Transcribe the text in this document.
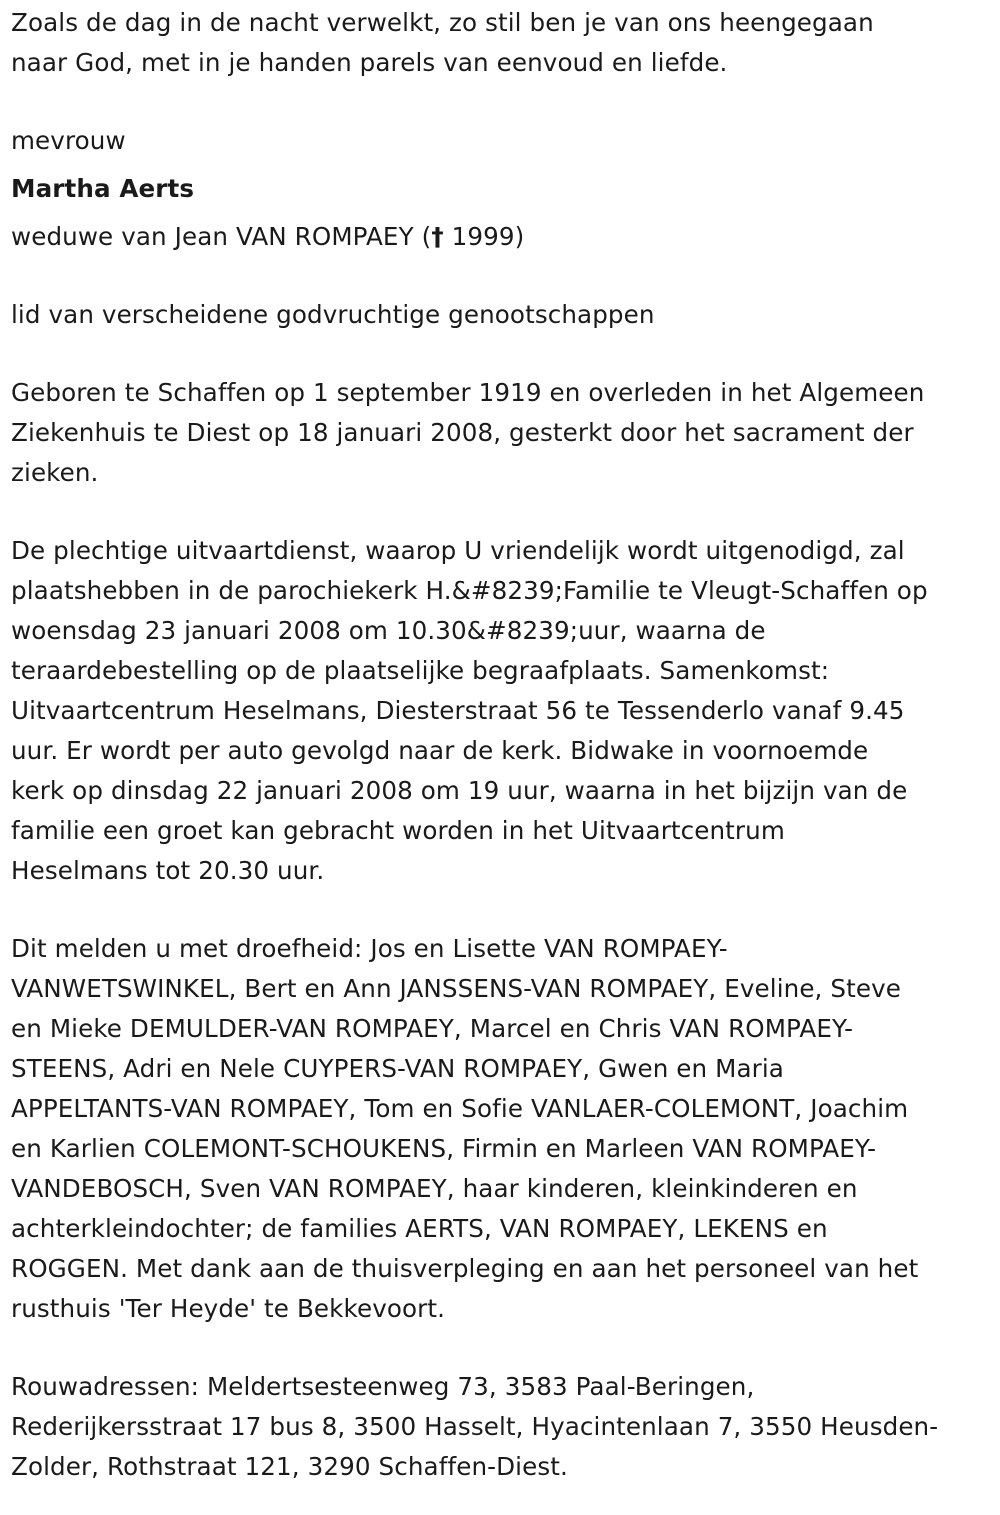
Zoals de dag in de nacht verwelkt, zo stil ben je van ons heengegaan

naar God, met in je handen parels van eenvoud en liefde.

mevrouw

Martha Aerts

weduwe van Jean VAN ROMPAEY († 1999)

lid van verscheidene godvruchtige genootschappen

Geboren te Schaffen op 1 september 1919 en overleden in het Algemeen

Ziekenhuis te Diest op 18 januari 2008, gesterkt door het sacrament der

zieken.

De plechtige uitvaartdienst, waarop U vriendelijk wordt uitgenodigd, zal

plaatshebben in de parochiekerk H.&#8239;Familie te Vleugt-Schaffen op

woensdag 23 januari 2008 om 10.30&#8239;uur, waarna de

teraardebestelling op de plaatselijke begraafplaats. Samenkomst:

Uitvaartcentrum Heselmans, Diesterstraat 56 te Tessenderlo vanaf 9.45

uur. Er wordt per auto gevolgd naar de kerk. Bidwake in voornoemde

kerk op dinsdag 22 januari 2008 om 19 uur, waarna in het bijzijn van de

familie een groet kan gebracht worden in het Uitvaartcentrum

Heselmans tot 20.30 uur.

Dit melden u met droefheid: Jos en Lisette VAN ROMPAEY-

VANWETSWINKEL, Bert en Ann JANSSENS-VAN ROMPAEY, Eveline, Steve

en Mieke DEMULDER-VAN ROMPAEY, Marcel en Chris VAN ROMPAEY-

STEENS, Adri en Nele CUYPERS-VAN ROMPAEY, Gwen en Maria

APPELTANTS-VAN ROMPAEY, Tom en Sofie VANLAER-COLEMONT, Joachim

en Karlien COLEMONT-SCHOUKENS, Firmin en Marleen VAN ROMPAEY-

VANDEBOSCH, Sven VAN ROMPAEY, haar kinderen, kleinkinderen en

achterkleindochter; de families AERTS, VAN ROMPAEY, LEKENS en

ROGGEN. Met dank aan de thuisverpleging en aan het personeel van het

rusthuis 'Ter Heyde' te Bekkevoort.

Rouwadressen: Meldertsesteenweg 73, 3583 Paal-Beringen,

Rederijkersstraat 17 bus 8, 3500 Hasselt, Hyacintenlaan 7, 3550 Heusden-

Zolder, Rothstraat 121, 3290 Schaffen-Diest.
